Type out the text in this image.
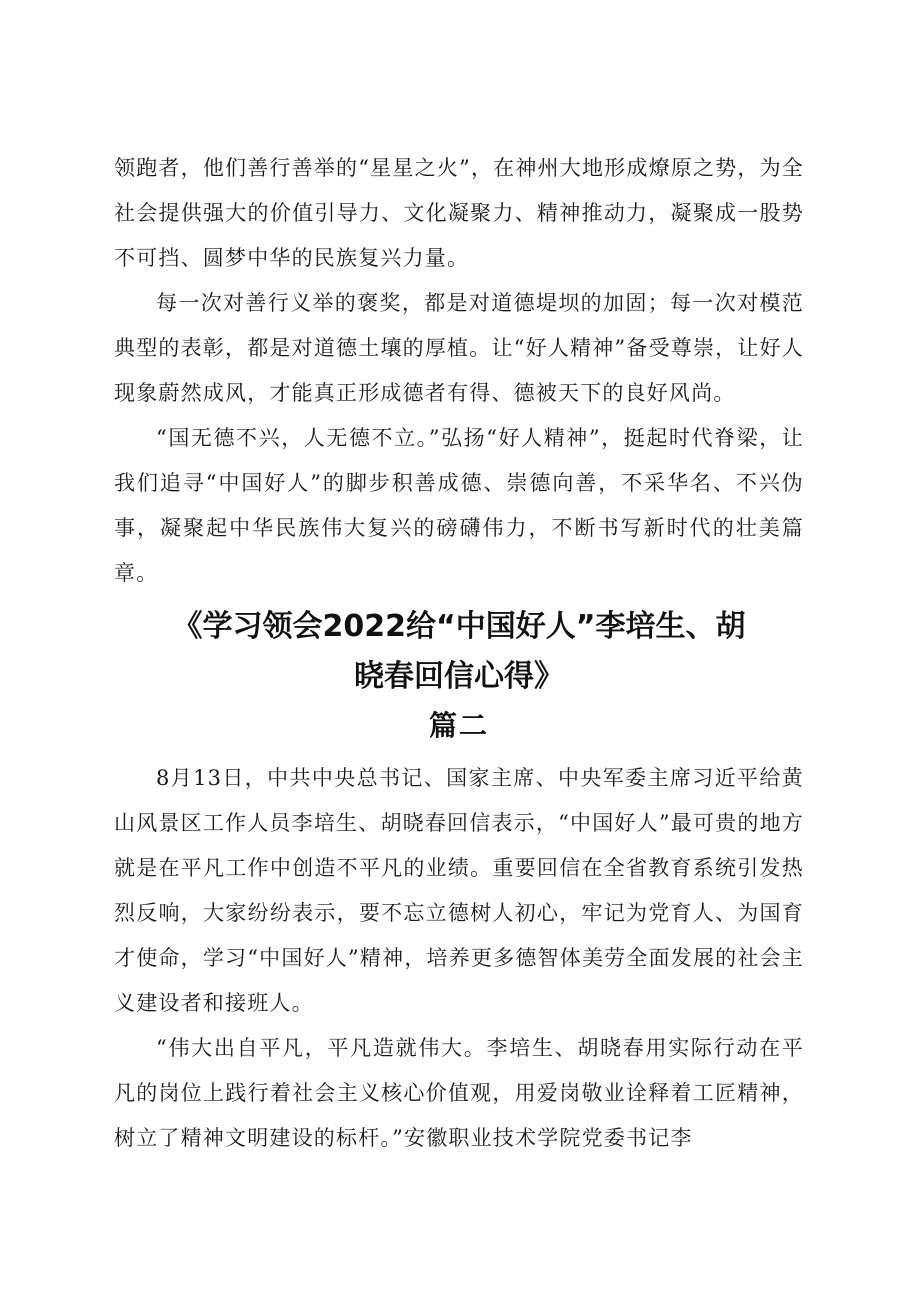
领跑者，他们善行善举的“星星之火”，在神州大地形成燎原之势，为全社会提供强大的价值引导力、文化凝聚力、精神推动力，凝聚成一股势不可挡、圆梦中华的民族复兴力量。

每一次对善行义举的褒奖，都是对道德堤坝的加固；每一次对模范典型的表彰，都是对道德土壤的厚植。让“好人精神”备受尊崇，让好人现象蔚然成风，才能真正形成德者有得、德被天下的良好风尚。

“国无德不兴，人无德不立。”弘扬“好人精神”，挺起时代脊梁，让我们追寻“中国好人”的脚步积善成德、崇德向善，不采华名、不兴伪事，凝聚起中华民族伟大复兴的磅礴伟力，不断书写新时代的壮美篇章。

《学习领会2022给“中国好人”李培生、胡
晓春回信心得》
篇二

8月13日，中共中央总书记、国家主席、中央军委主席习近平给黄山风景区工作人员李培生、胡晓春回信表示，“中国好人”最可贵的地方就是在平凡工作中创造不平凡的业绩。重要回信在全省教育系统引发热烈反响，大家纷纷表示，要不忘立德树人初心，牢记为党育人、为国育才使命，学习“中国好人”精神，培养更多德智体美劳全面发展的社会主义建设者和接班人。

“伟大出自平凡，平凡造就伟大。李培生、胡晓春用实际行动在平凡的岗位上践行着社会主义核心价值观，用爱岗敬业诠释着工匠精神，树立了精神文明建设的标杆。”安徽职业技术学院党委书记李
